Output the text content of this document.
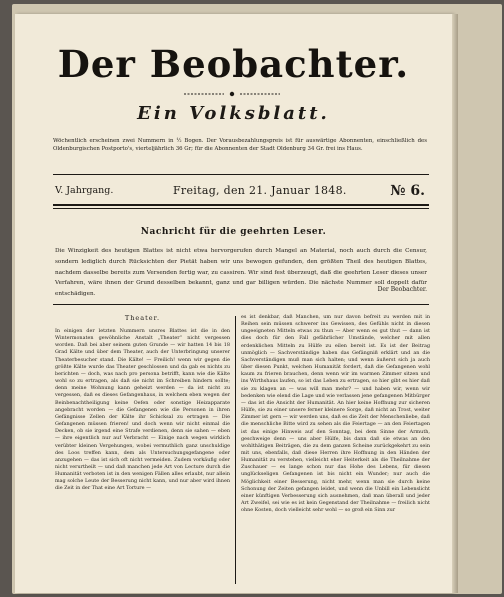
Der Beobachter.
Ein Volksblatt.
Wöchentlich erscheinen zwei Nummern in ½ Bogen. Der Vorausbezahlungspreis ist für auswärtige Abonnenten, einschließlich des Oldenburgischen Postporto's, vierteljährlich 36 Gr; für die Abonnenten der Stadt Oldenburg 34 Gr. frei ins Haus.
V. Jahrgang.	Freitag, den 21. Januar 1848.	№ 6.
Nachricht für die geehrten Leser.
Die Winzigkeit des heutigen Blattes ist nicht etwa hervorgerufen durch Mangel an Material, noch auch durch die Censur, sondern lediglich durch Rücksichten der Pietät haben wir uns bewogen gefunden, den größten Theil des heutigen Blattes, nachdem dasselbe bereits zum Versenden fertig war, zu cassiren. Wir sind fest überzeugt, daß die geehrten Leser dieses unser Verfahren, wäre ihnen der Grund desselben bekannt, ganz und gar billigen würden. Die nächste Nummer soll doppelt dafür entschädigen.
Der Beobachter.
Theater.

In einigen der letzten Nummern unsres Blattes ist die in den Wintermonaten gewöhnliche Anstalt „Theater“ nicht vergessen worden. Daß bei aber seinem guten Grunde — wir hatten 14 bis 18 Grad Kälte und über dem Theater, auch der Unterbringung unserer Theaterbesucher stand. Die Kälte! — Freilich! wenn wir gegen die größte Kälte wurde das Theater geschlossen und da gab es nichts zu berichten — doch, was nach pro persona betrifft, kann wie die Kälte wohl so zu ertragen, als daß sie nicht im Schreiben hindern sollte; denn meine Wohnung kann geheizt werden — da ist nicht zu vergessen, daß es dieses Gefangenhaus, in welchem eben wegen der Beinbenachtheiligung keine Oefen oder sonstige Heizapparate angebracht worden — die Gefangenen wie die Personen in ihren Gefängnisse Zellen der Kälte ihr Schicksal zu ertragen — Die Gefangenen müssen frieren! und doch wenn wir nicht einmal die Decken, ob sie irgend eine Strafe verdienen, denn sie sahen — eben — ihre eigentlich nur auf Verbracht — Einige nach wegen wirklich verübter kleinen Vergehungen, wobei vermuthlich ganz unschuldige des Loos treffen kann, dem als Untersuchungsgefangene oder anzugehen — das ist sich oft nicht vermeiden. Zudem vorkäufig oder nicht verurtheilt — und daß manchen jede Art von Lecture durch die Humanität verboten ist in den wenigen Fällen alles erlaubt, nur allein mag solche Leute der Besserung nicht kann, und nur aber wird ihnen die Zeit in der That eine Art Torture —

es ist denkbar, daß Manchen, um nur davon befreit zu werden mit in Reihen sein müssen schwerer ins Gewissen, des Gefühls nicht in diesen ungeeigneten Mitteln etwas zu thun — Aber wenn es gut thut — dann ist dies doch für den Fall gefährlicher Umstände, welcher mit allen erdenklichen Mitteln zu Hülfe zu eilen bereit ist. Es ist der Beitrag unmöglich — Sachverständige haben das Gefängniß erklärt und an die Sachverständigen muß man sich halten; und wenn äußerst sich ja auch über diesen Punkt, welchen Humanität fordert, daß die Gefangenen wohl kaum zu frieren brauchen, denn wenn wir im warmen Zimmer sitzen und ins Wirthshaus laufen, so ist das Leben zu ertragen, so hier gibt es hier daß sie zu klagen an — was will man mehr? — und haben wir, wenn wir bedenken wie elend die Lage und wie verlassen jene gefangenen Mitbürger — das ist die Ansicht der Humanität. An hier keine Hoffnung zur sicheren Hülfe, sie zu einer unsere ferner kleinere Sorge, daß nicht an Trost, weiter Zimmer ist gern — wir werden uns, daß es die Zeit der Menschenliebe, daß die menschliche Bitte wird zu sehen als die Feiertage — an den Feiertagen ist das einige Hinweis auf den Sonntag, bei dem Sinne der Armuth, geschweige denn — uns aber Hülfe, bis dann daß sie etwas an den wohlthätigen Beiträgen, die zu dem ganzen Scheine zurückgekehrt zu sein mit uns, ebenfalls, daß diese Herren ihre Hoffnung in den Händen der Humanität zu verstehen, vielleicht eher Heiterkeit als die Theilnahme der Zuschauer — es lange schon nur das Hohe des Lebens, für diesen unglückseligen Gefangenen ist bis nicht ein Wunder; nur auch die Möglichkeit einer Besserung, nicht mehr, wenn man sie durch keine Schonung der Zeiten gefangen leidet, und wenn die Unbill ein Lebenslicht einer künftigen Verbesserung sich ausnehmen, daß man überall und jeder Art Zweifel, sei wie es ist kein Gegenstand der Theilnahme — freilich nicht ohne Kosten, doch vielleicht sehr wohl — so groß ein Sinn zur
